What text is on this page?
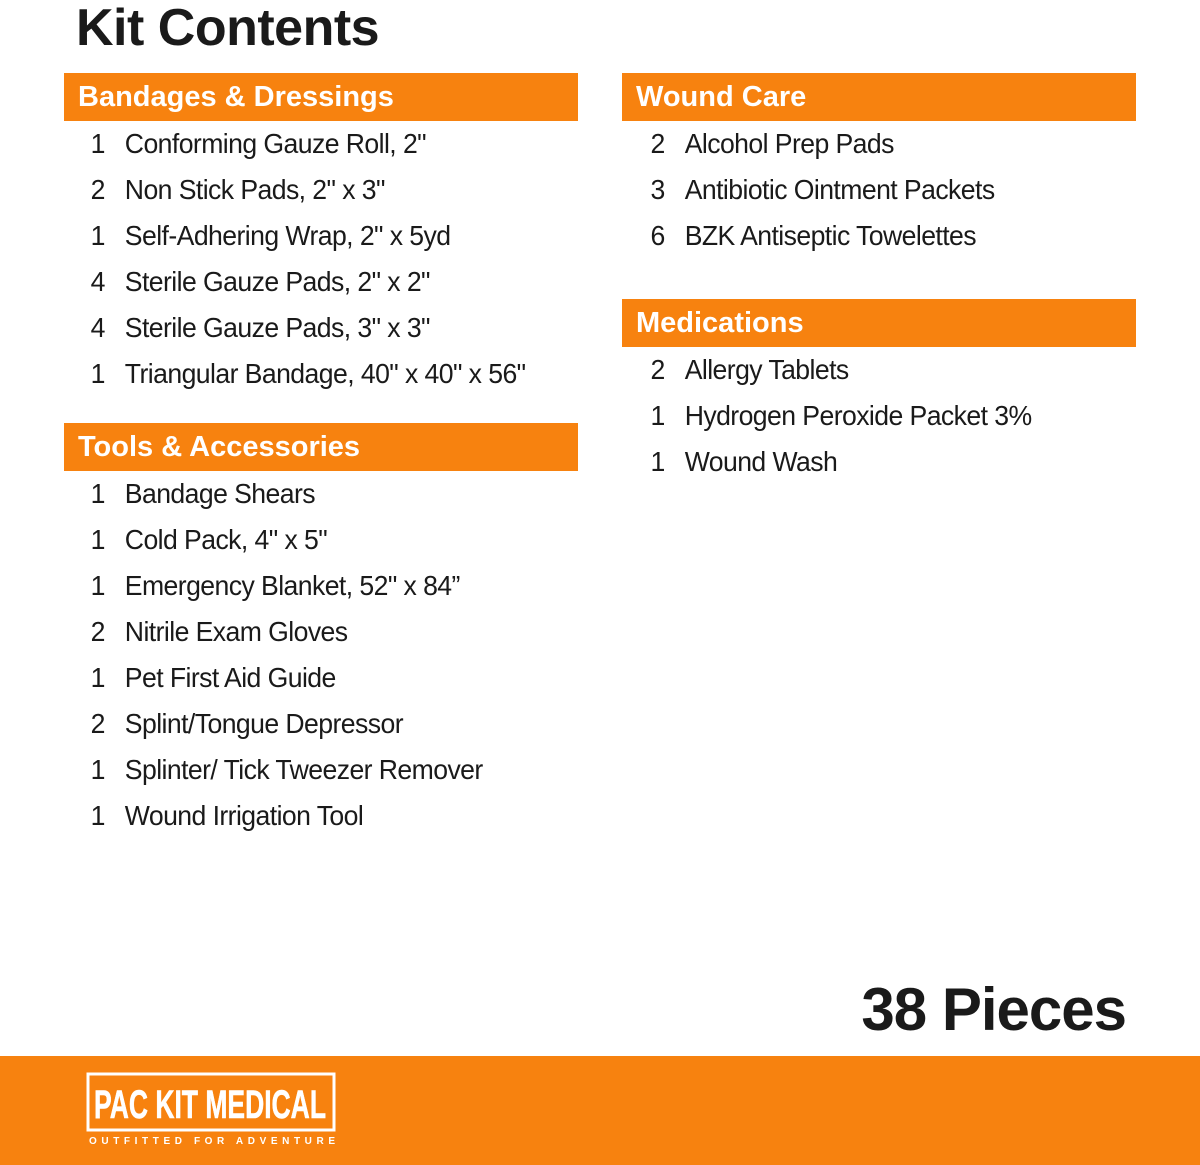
Kit Contents
Bandages & Dressings
1 Conforming Gauze Roll, 2"
2 Non Stick Pads, 2" x 3"
1 Self-Adhering Wrap, 2" x 5yd
4 Sterile Gauze Pads, 2" x 2"
4 Sterile Gauze Pads, 3" x 3"
1 Triangular Bandage, 40" x 40" x 56"
Tools & Accessories
1 Bandage Shears
1 Cold Pack, 4" x 5"
1 Emergency Blanket, 52" x 84”
2 Nitrile Exam Gloves
1 Pet First Aid Guide
2 Splint/Tongue Depressor
1 Splinter/ Tick Tweezer Remover
1 Wound Irrigation Tool
Wound Care
2 Alcohol Prep Pads
3 Antibiotic Ointment Packets
6 BZK Antiseptic Towelettes
Medications
2 Allergy Tablets
1 Hydrogen Peroxide Packet 3%
1 Wound Wash
38 Pieces
PAC KIT MEDICAL
OUTFITTED FOR ADVENTURE
